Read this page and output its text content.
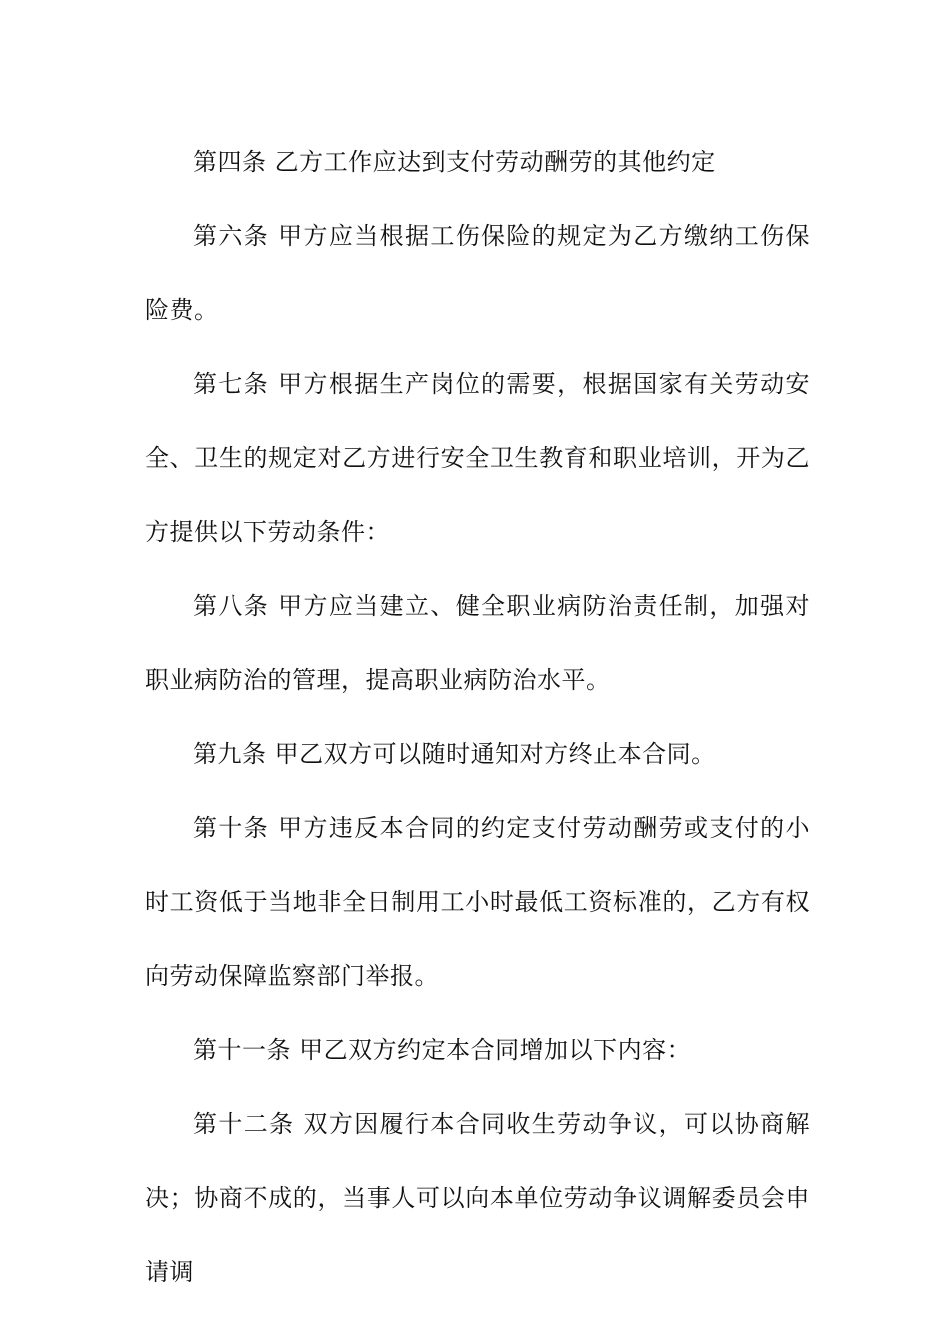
第四条 乙方工作应达到支付劳动酬劳的其他约定

第六条 甲方应当根据工伤保险的规定为乙方缴纳工伤保险费。

第七条 甲方根据生产岗位的需要，根据国家有关劳动安全、卫生的规定对乙方进行安全卫生教育和职业培训，开为乙方提供以下劳动条件：

第八条 甲方应当建立、健全职业病防治责任制，加强对职业病防治的管理，提高职业病防治水平。

第九条 甲乙双方可以随时通知对方终止本合同。

第十条 甲方违反本合同的约定支付劳动酬劳或支付的小时工资低于当地非全日制用工小时最低工资标准的，乙方有权向劳动保障监察部门举报。

第十一条 甲乙双方约定本合同增加以下内容：

第十二条 双方因履行本合同收生劳动争议，可以协商解决；协商不成的，当事人可以向本单位劳动争议调解委员会申请调
